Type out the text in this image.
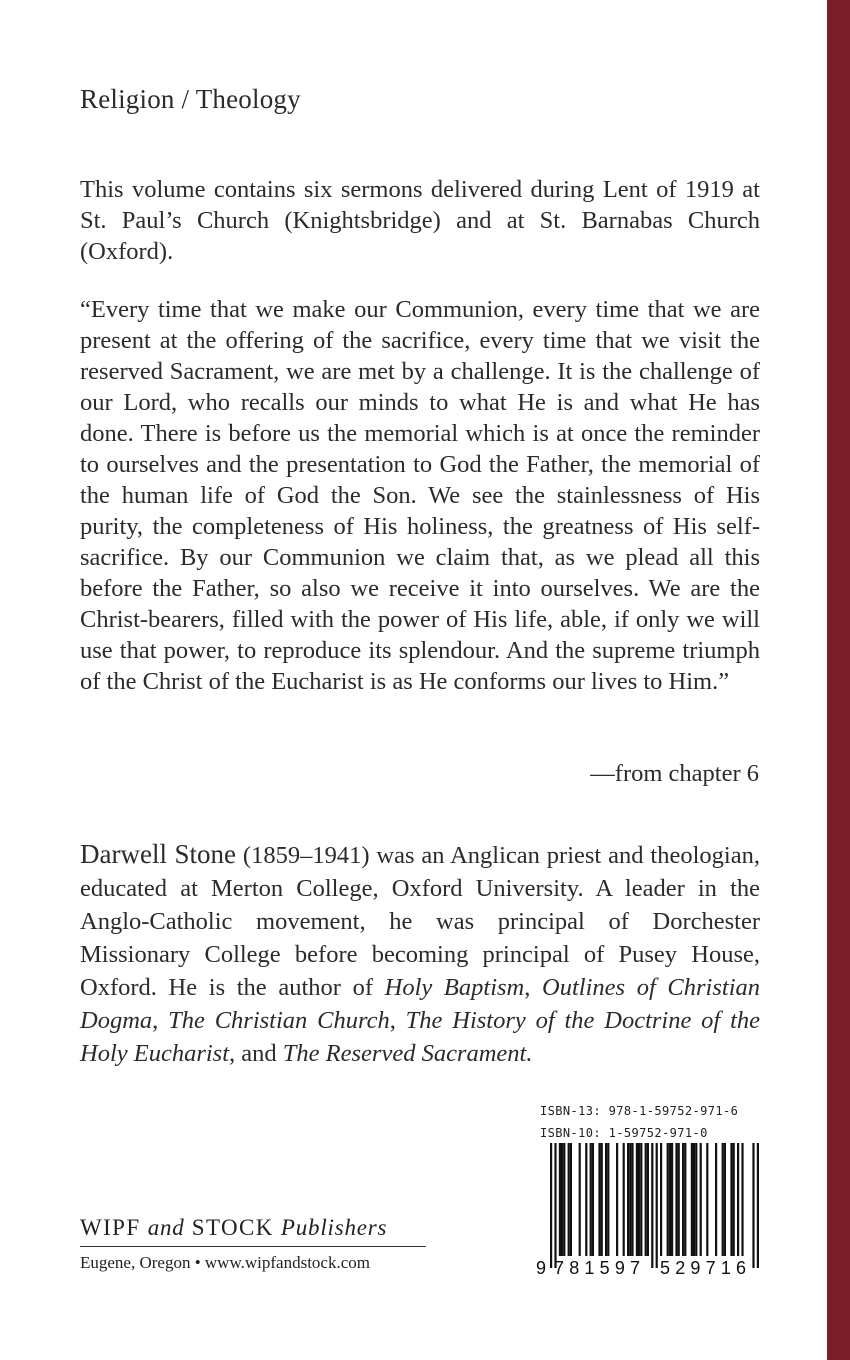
Religion / Theology
This volume contains six sermons delivered during Lent of 1919 at St. Paul’s Church (Knightsbridge) and at St. Barnabas Church (Oxford).
“Every time that we make our Communion, every time that we are present at the offering of the sacrifice, every time that we visit the reserved Sacrament, we are met by a challenge. It is the challenge of our Lord, who recalls our minds to what He is and what He has done. There is before us the memorial which is at once the reminder to ourselves and the presentation to God the Father, the memorial of the human life of God the Son. We see the stainlessness of His purity, the completeness of His holiness, the greatness of His self-sacrifice. By our Communion we claim that, as we plead all this before the Father, so also we receive it into ourselves. We are the Christ-bearers, filled with the power of His life, able, if only we will use that power, to reproduce its splendour. And the supreme triumph of the Christ of the Eucharist is as He conforms our lives to Him.”
—from chapter 6
Darwell Stone (1859–1941) was an Anglican priest and theologian, educated at Merton College, Oxford University. A leader in the Anglo-Catholic movement, he was principal of Dorchester Missionary College before becoming principal of Pusey House, Oxford. He is the author of Holy Baptism, Outlines of Christian Dogma, The Christian Church, The History of the Doctrine of the Holy Eucharist, and The Reserved Sacrament.
ISBN-13: 978-1-59752-971-6
ISBN-10: 1-59752-971-0
9 781597 529716
WIPF and STOCK Publishers
Eugene, Oregon • www.wipfandstock.com
